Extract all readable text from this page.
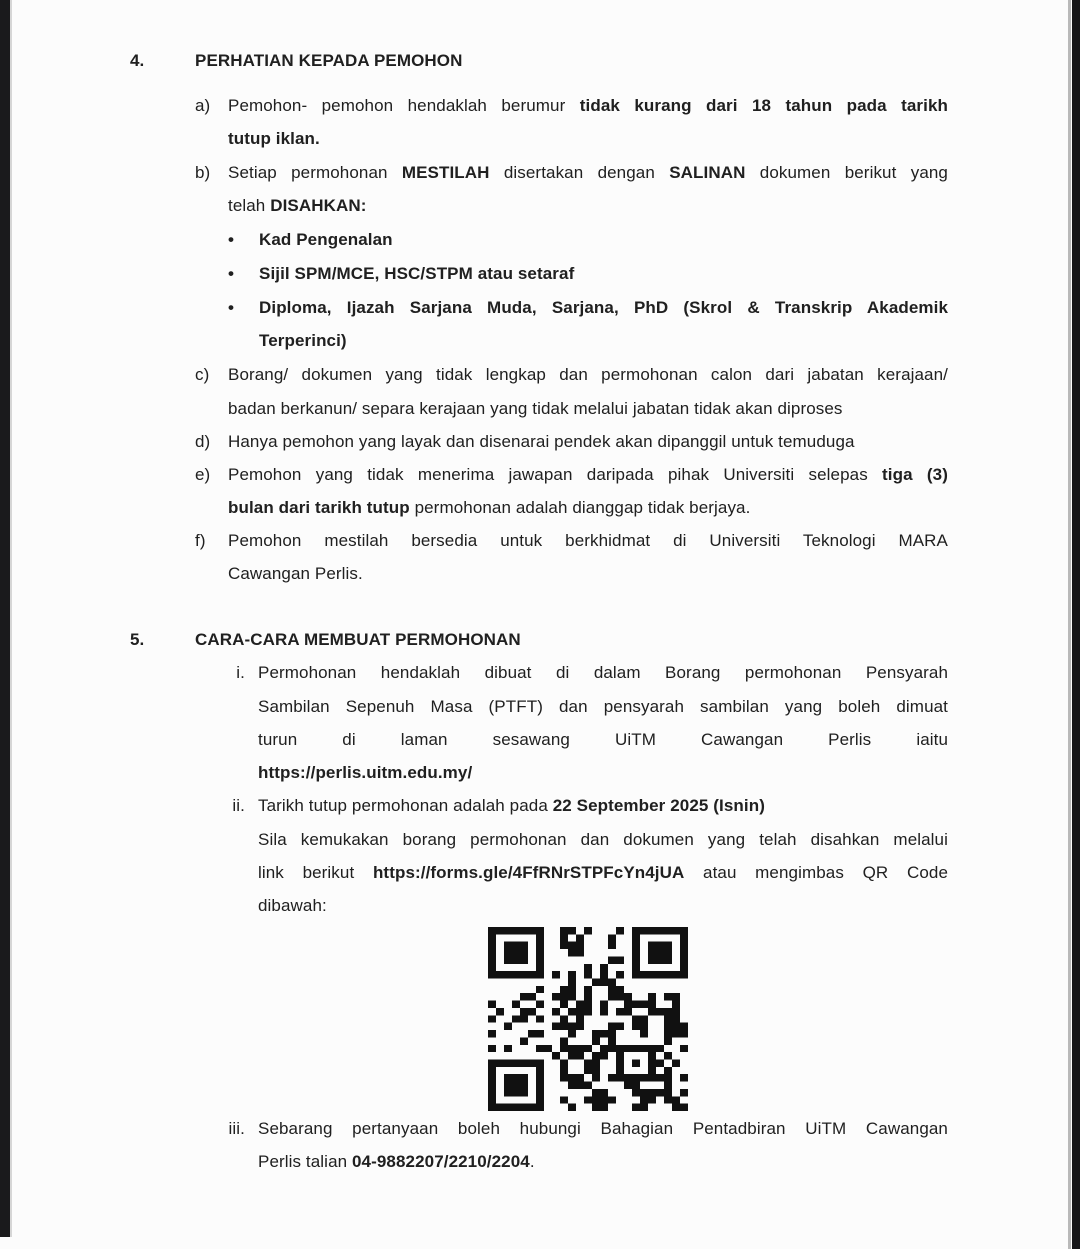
4.	PERHATIAN KEPADA PEMOHON
a) Pemohon- pemohon hendaklah berumur tidak kurang dari 18 tahun pada tarikh
tutup iklan.
b) Setiap permohonan MESTILAH disertakan dengan SALINAN dokumen berikut yang
telah DISAHKAN:
• Kad Pengenalan
• Sijil SPM/MCE, HSC/STPM atau setaraf
• Diploma, Ijazah Sarjana Muda, Sarjana, PhD (Skrol & Transkrip Akademik
Terperinci)
c) Borang/ dokumen yang tidak lengkap dan permohonan calon dari jabatan kerajaan/
badan berkanun/ separa kerajaan yang tidak melalui jabatan tidak akan diproses
d) Hanya pemohon yang layak dan disenarai pendek akan dipanggil untuk temuduga
e) Pemohon yang tidak menerima jawapan daripada pihak Universiti selepas tiga (3)
bulan dari tarikh tutup permohonan adalah dianggap tidak berjaya.
f) Pemohon mestilah bersedia untuk berkhidmat di Universiti Teknologi MARA
Cawangan Perlis.
5.	CARA-CARA MEMBUAT PERMOHONAN
i. Permohonan hendaklah dibuat di dalam Borang permohonan Pensyarah
Sambilan Sepenuh Masa (PTFT) dan pensyarah sambilan yang boleh dimuat
turun di laman sesawang UiTM Cawangan Perlis iaitu
https://perlis.uitm.edu.my/
ii. Tarikh tutup permohonan adalah pada 22 September 2025 (Isnin)
Sila kemukakan borang permohonan dan dokumen yang telah disahkan melalui
link berikut https://forms.gle/4FfRNrSTPFcYn4jUA atau mengimbas QR Code
dibawah:
iii. Sebarang pertanyaan boleh hubungi Bahagian Pentadbiran UiTM Cawangan
Perlis talian 04-9882207/2210/2204.
